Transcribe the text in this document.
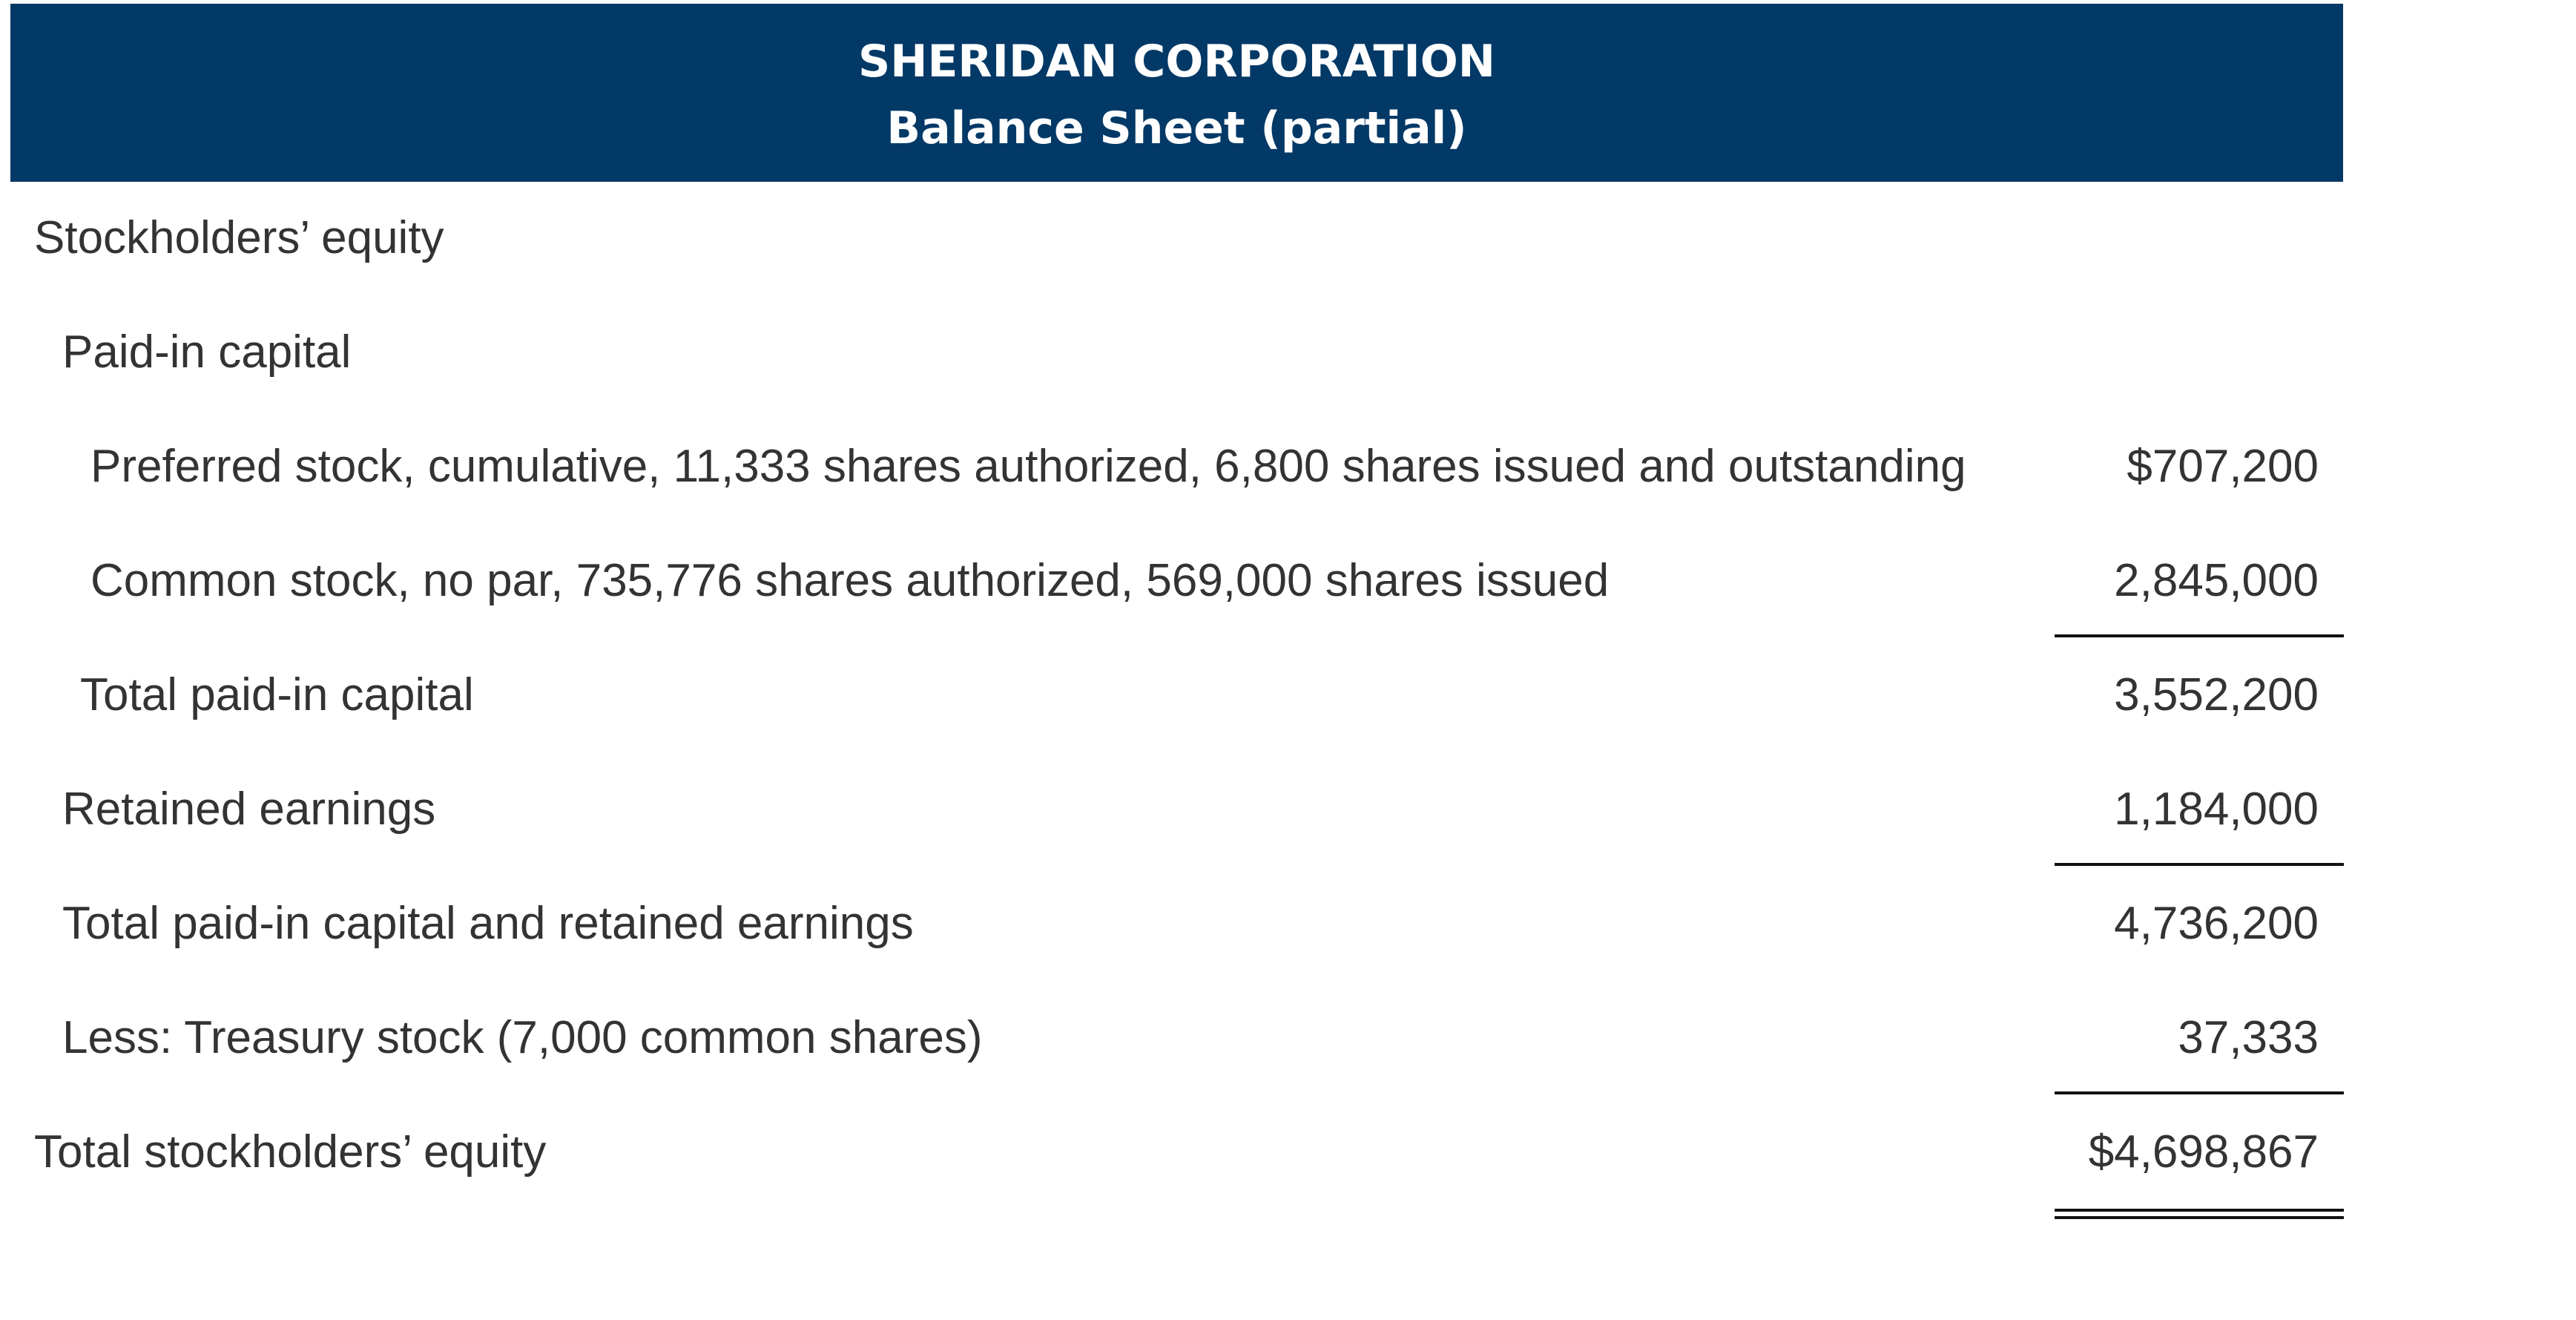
SHERIDAN CORPORATION
Balance Sheet (partial)
Stockholders’ equity
Paid-in capital
Preferred stock, cumulative, 11,333 shares authorized, 6,800 shares issued and outstanding	$707,200
Common stock, no par, 735,776 shares authorized, 569,000 shares issued	2,845,000
Total paid-in capital	3,552,200
Retained earnings	1,184,000
Total paid-in capital and retained earnings	4,736,200
Less: Treasury stock (7,000 common shares)	37,333
Total stockholders’ equity	$4,698,867
